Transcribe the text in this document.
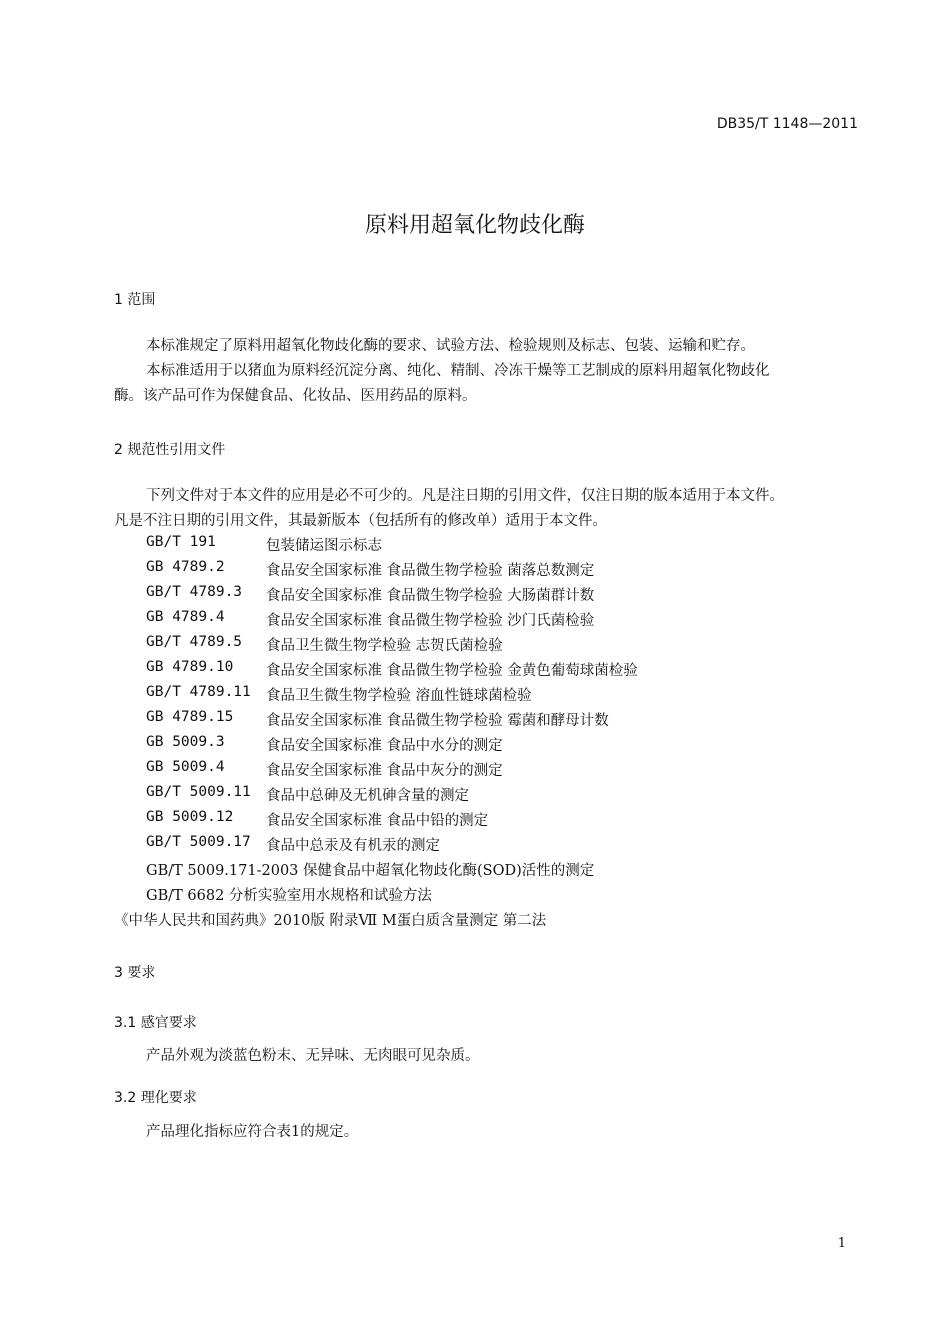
DB35/T 1148—2011
原料用超氧化物歧化酶
1 范围
本标准规定了原料用超氧化物歧化酶的要求、试验方法、检验规则及标志、包装、运输和贮存。
本标准适用于以猪血为原料经沉淀分离、纯化、精制、冷冻干燥等工艺制成的原料用超氧化物歧化
酶。该产品可作为保健食品、化妆品、医用药品的原料。
2 规范性引用文件
下列文件对于本文件的应用是必不可少的。凡是注日期的引用文件，仅注日期的版本适用于本文件。
凡是不注日期的引用文件，其最新版本（包括所有的修改单）适用于本文件。
GB/T 191	包装储运图示标志
GB 4789.2	食品安全国家标准 食品微生物学检验 菌落总数测定
GB/T 4789.3 食品安全国家标准 食品微生物学检验 大肠菌群计数
GB 4789.4	食品安全国家标准 食品微生物学检验 沙门氏菌检验
GB/T 4789.5 食品卫生微生物学检验 志贺氏菌检验
GB 4789.10 食品安全国家标准 食品微生物学检验 金黄色葡萄球菌检验
GB/T 4789.11 食品卫生微生物学检验 溶血性链球菌检验
GB 4789.15 食品安全国家标准 食品微生物学检验 霉菌和酵母计数
GB 5009.3	食品安全国家标准 食品中水分的测定
GB 5009.4	食品安全国家标准 食品中灰分的测定
GB/T 5009.11 食品中总砷及无机砷含量的测定
GB 5009.12 食品安全国家标准 食品中铅的测定
GB/T 5009.17 食品中总汞及有机汞的测定
GB/T 5009.171-2003 保健食品中超氧化物歧化酶(SOD)活性的测定
GB/T 6682 分析实验室用水规格和试验方法
《中华人民共和国药典》2010版 附录Ⅶ M蛋白质含量测定 第二法
3 要求
3.1 感官要求
产品外观为淡蓝色粉末、无异味、无肉眼可见杂质。
3.2 理化要求
产品理化指标应符合表1的规定。
1
